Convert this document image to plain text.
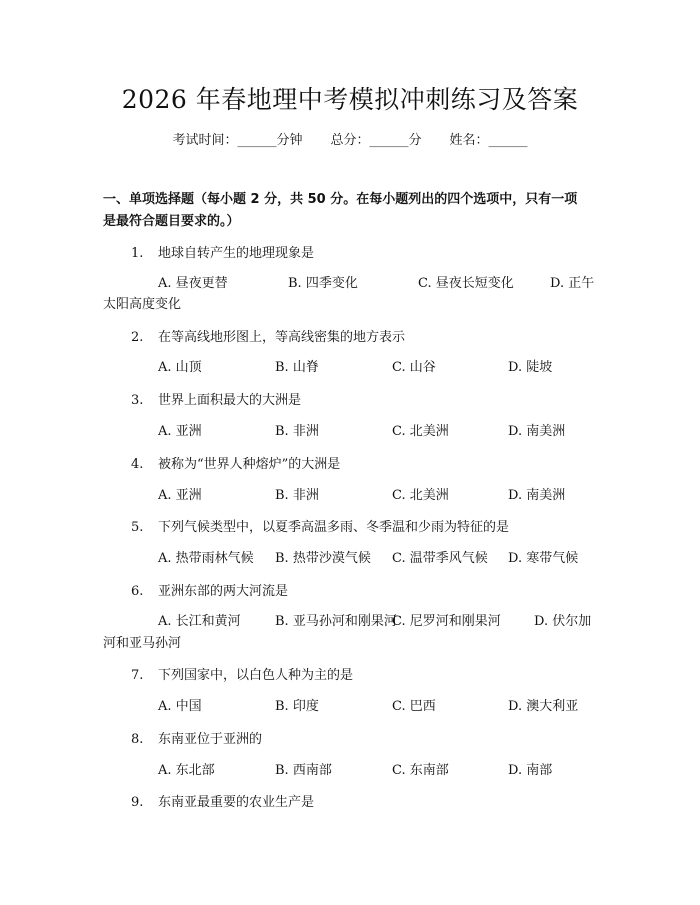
2026 年春地理中考模拟冲刺练习及答案
考试时间：______分钟 总分：______分 姓名：______
一、单项选择题（每小题 2 分，共 50 分。在每小题列出的四个选项中，只有一项
是最符合题目要求的。）
1. 地球自转产生的地理现象是
A. 昼夜更替	B. 四季变化	C. 昼夜长短变化	D. 正午
太阳高度变化
2. 在等高线地形图上，等高线密集的地方表示
A. 山顶	B. 山脊	C. 山谷	D. 陡坡
3. 世界上面积最大的大洲是
A. 亚洲	B. 非洲	C. 北美洲	D. 南美洲
4. 被称为“世界人种熔炉”的大洲是
A. 亚洲	B. 非洲	C. 北美洲	D. 南美洲
5. 下列气候类型中，以夏季高温多雨、冬季温和少雨为特征的是
A. 热带雨林气候 B. 热带沙漠气候 C. 温带季风气候 D. 寒带气候
6. 亚洲东部的两大河流是
A. 长江和黄河	B. 亚马孙河和刚果河
C. 尼罗河和刚果河	D. 伏尔加
河和亚马孙河
7. 下列国家中，以白色人种为主的是
A. 中国	B. 印度	C. 巴西	D. 澳大利亚
8. 东南亚位于亚洲的
A. 东北部	B. 西南部	C. 东南部	D. 南部
9. 东南亚最重要的农业生产是
